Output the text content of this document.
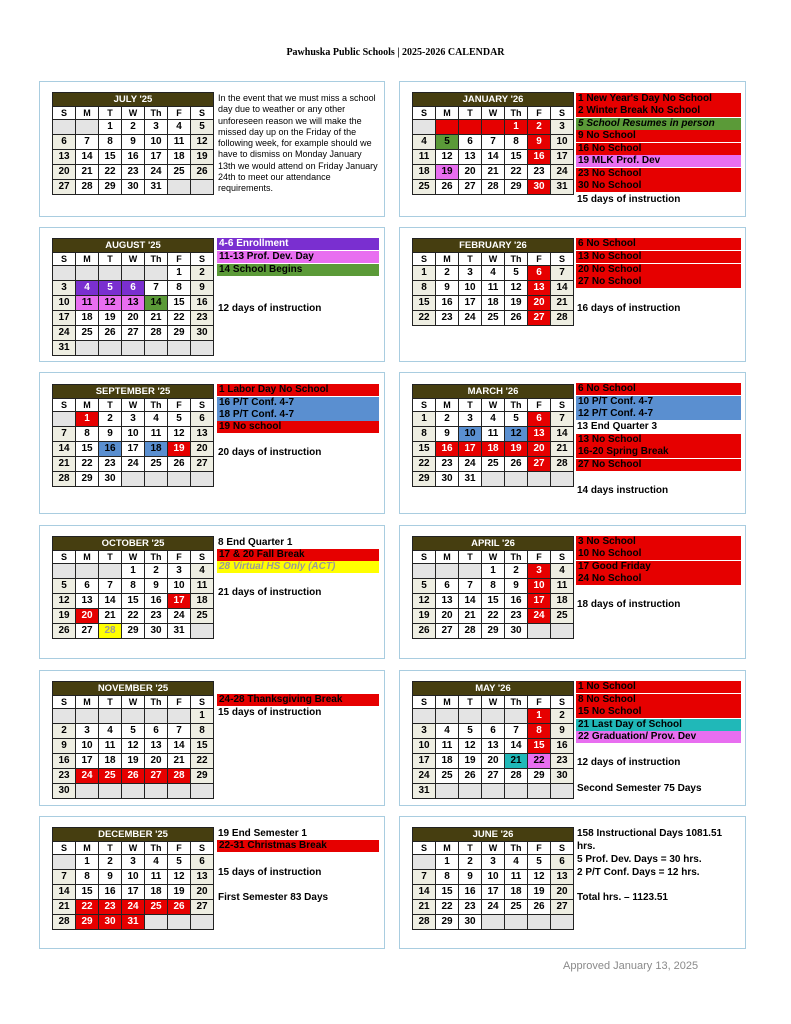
Pawhuska Public Schools | 2025-2026 CALENDAR
JULY '25						
S	M	T	W	Th	F	S
		1	2	3	4	5
6	7	8	9	10	11	12
13	14	15	16	17	18	19
20	21	22	23	24	25	26
27	28	29	30	31		
AUGUST '25						
S	M	T	W	Th	F	S
					1	2
3	4	5	6	7	8	9
10	11	12	13	14	15	16
17	18	19	20	21	22	23
24	25	26	27	28	29	30
31						
SEPTEMBER '25						
S	M	T	W	Th	F	S
	1	2	3	4	5	6
7	8	9	10	11	12	13
14	15	16	17	18	19	20
21	22	23	24	25	26	27
28	29	30				
OCTOBER '25						
S	M	T	W	Th	F	S
			1	2	3	4
5	6	7	8	9	10	11
12	13	14	15	16	17	18
19	20	21	22	23	24	25
26	27	28	29	30	31	
NOVEMBER '25						
S	M	T	W	Th	F	S
						1
2	3	4	5	6	7	8
9	10	11	12	13	14	15
16	17	18	19	20	21	22
23	24	25	26	27	28	29
30						
DECEMBER '25						
S	M	T	W	Th	F	S
	1	2	3	4	5	6
7	8	9	10	11	12	13
14	15	16	17	18	19	20
21	22	23	24	25	26	27
28	29	30	31			
JANUARY '26						
S	M	T	W	Th	F	S
				1	2	3
4	5	6	7	8	9	10
11	12	13	14	15	16	17
18	19	20	21	22	23	24
25	26	27	28	29	30	31
FEBRUARY '26						
S	M	T	W	Th	F	S
1	2	3	4	5	6	7
8	9	10	11	12	13	14
15	16	17	18	19	20	21
22	23	24	25	26	27	28
MARCH '26						
S	M	T	W	Th	F	S
1	2	3	4	5	6	7
8	9	10	11	12	13	14
15	16	17	18	19	20	21
22	23	24	25	26	27	28
29	30	31				
APRIL '26						
S	M	T	W	Th	F	S
			1	2	3	4
5	6	7	8	9	10	11
12	13	14	15	16	17	18
19	20	21	22	23	24	25
26	27	28	29	30		
MAY '26						
S	M	T	W	Th	F	S
					1	2
3	4	5	6	7	8	9
10	11	12	13	14	15	16
17	18	19	20	21	22	23
24	25	26	27	28	29	30
31						
JUNE '26						
S	M	T	W	Th	F	S
	1	2	3	4	5	6
7	8	9	10	11	12	13
14	15	16	17	18	19	20
21	22	23	24	25	26	27
28	29	30				
In the event that we must miss a school day due to weather or any other unforeseen reason we will make the missed day up on the Friday of the following week, for example should we have to dismiss on Monday January 13th we would attend on Friday January 24th to meet our attendance requirements.
4-6 Enrollment
11-13 Prof. Dev. Day
14 School Begins
12 days of instruction
1 Labor Day No School
16 P/T Conf. 4-7
18 P/T Conf. 4-7
19 No school
20 days of instruction
8 End Quarter 1
17 & 20 Fall Break
28 Virtual HS Only (ACT)
21 days of instruction
24-28 Thanksgiving Break
15 days of instruction
19 End Semester 1
22-31 Christmas Break
15 days of instruction
First Semester 83 Days
1 New Year's Day No School
2 Winter Break No School
5 School Resumes in person
9 No School
16 No School
19 MLK Prof. Dev
23 No School
30 No School
15 days of instruction
6 No School
13 No School
20 No School
27 No School
16 days of instruction
6 No School
10 P/T Conf. 4-7
12 P/T Conf. 4-7
13 End Quarter 3
13 No School
16-20 Spring Break
27 No School
14 days instruction
3 No School
10 No School
17 Good Friday
24 No School
18 days of instruction
1 No School
8 No School
15 No School
21 Last Day of School
22 Graduation/ Prov. Dev
12 days of instruction
Second Semester 75 Days
158 Instructional Days 1081.51
hrs.
5 Prof. Dev. Days = 30 hrs.
2 P/T Conf. Days = 12 hrs.
Total hrs. – 1123.51
Approved January 13, 2025
